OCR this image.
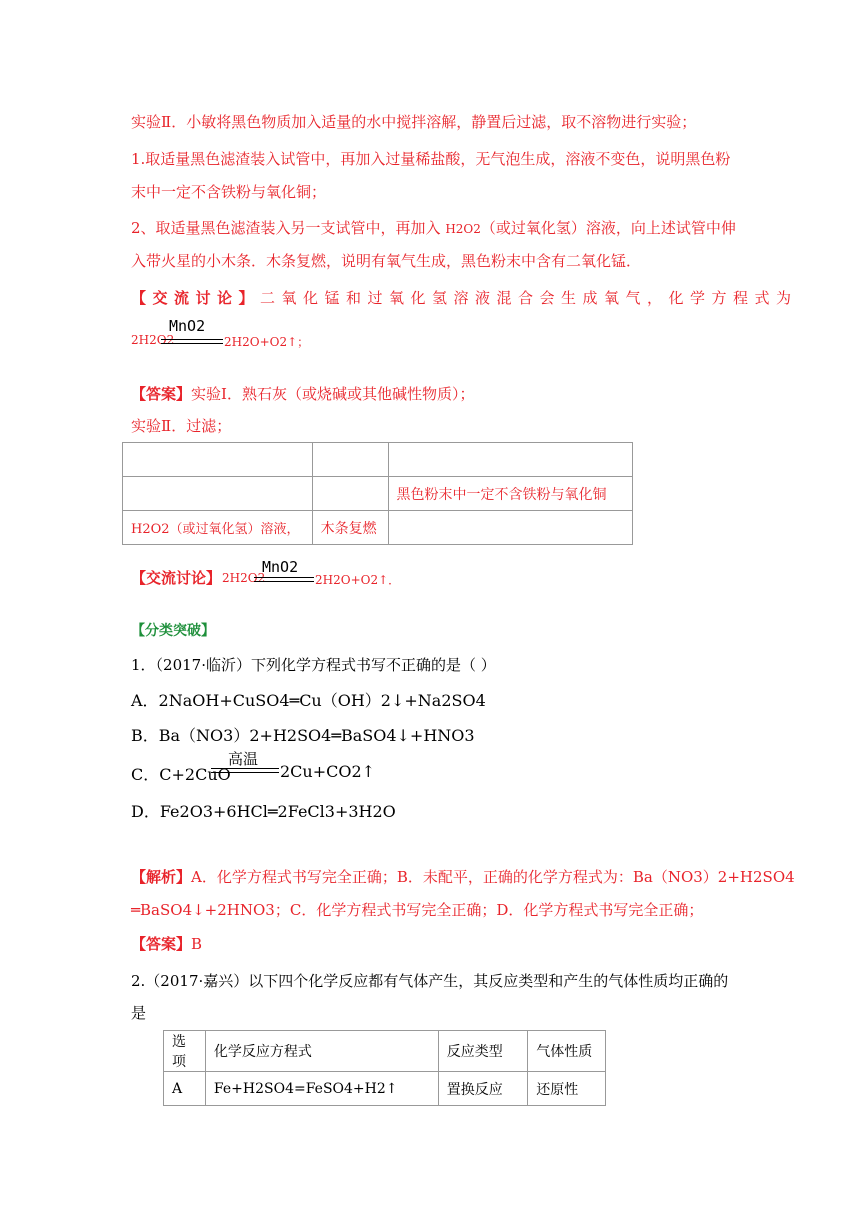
实验Ⅱ．小敏将黑色物质加入适量的水中搅拌溶解，静置后过滤，取不溶物进行实验；
1.取适量黑色滤渣装入试管中，再加入过量稀盐酸，无气泡生成，溶液不变色，说明黑色粉
末中一定不含铁粉与氧化铜；
2、取适量黑色滤渣装入另一支试管中，再加入 H2O2（或过氧化氢）溶液，向上述试管中伸
入带火星的小木条．木条复燃，说明有氧气生成，黑色粉末中含有二氧化锰．
【交流讨论】二氧化锰和过氧化氢溶液混合会生成氧气，化学方程式为
2H2O2
MnO2
2H2O+O2↑；
【答案】实验Ⅰ．熟石灰（或烧碱或其他碱性物质）；
实验Ⅱ．过滤；

		黑色粉末中一定不含铁粉与氧化铜
H2O2（或过氧化氢）溶液，	木条复燃	
【交流讨论】 2H2O2
MnO2
2H2O+O2↑．
【分类突破】
1．（2017·临沂）下列化学方程式书写不正确的是（ ）
A．2NaOH+CuSO4═Cu（OH）2↓+Na2SO4
B．Ba（NO3）2+H2SO4═BaSO4↓+HNO3
C．C+2CuO
高温
2Cu+CO2↑
D．Fe2O3+6HCl═2FeCl3+3H2O
【解析】A．化学方程式书写完全正确；B．未配平，正确的化学方程式为：Ba（NO3）2+H2SO4
═BaSO4↓+2HNO3；C．化学方程式书写完全正确；D．化学方程式书写完全正确；
【答案】B
2.（2017·嘉兴）以下四个化学反应都有气体产生，其反应类型和产生的气体性质均正确的
是
选项	化学反应方程式	反应类型	气体性质
A	Fe+H2SO4=FeSO4+H2↑	置换反应	还原性
